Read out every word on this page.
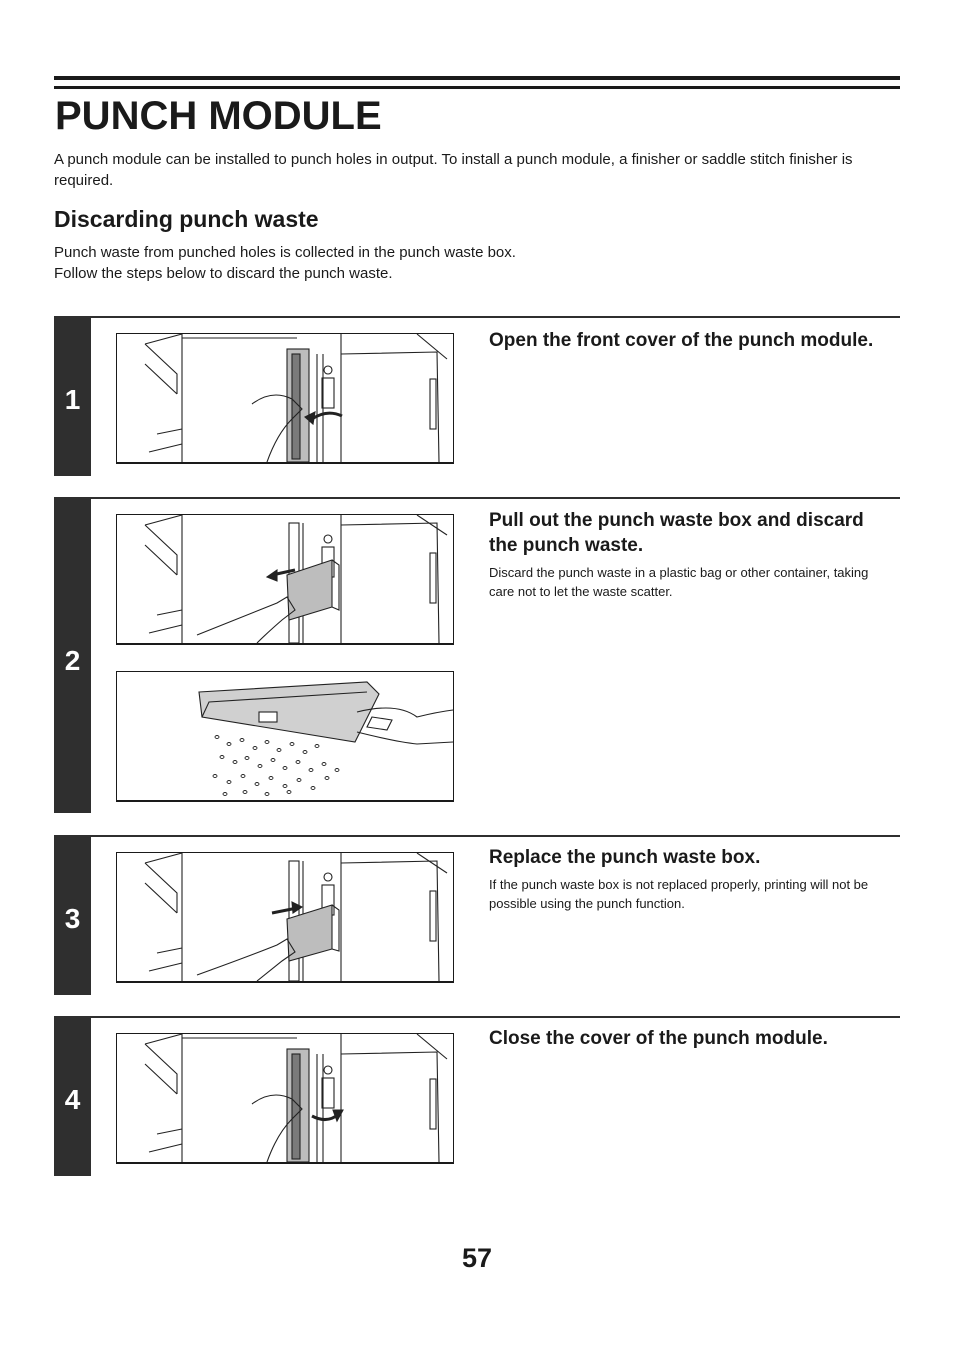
PUNCH MODULE

A punch module can be installed to punch holes in output. To install a punch module, a finisher or saddle stitch finisher is required.

Discarding punch waste

Punch waste from punched holes is collected in the punch waste box.
Follow the steps below to discard the punch waste.

1
Open the front cover of the punch module.
2
Pull out the punch waste box and discard the punch waste.

Discard the punch waste in a plastic bag or other container, taking care not to let the waste scatter.

3
Replace the punch waste box.

If the punch waste box is not replaced properly, printing will not be possible using the punch function.

4
Close the cover of the punch module.
57
